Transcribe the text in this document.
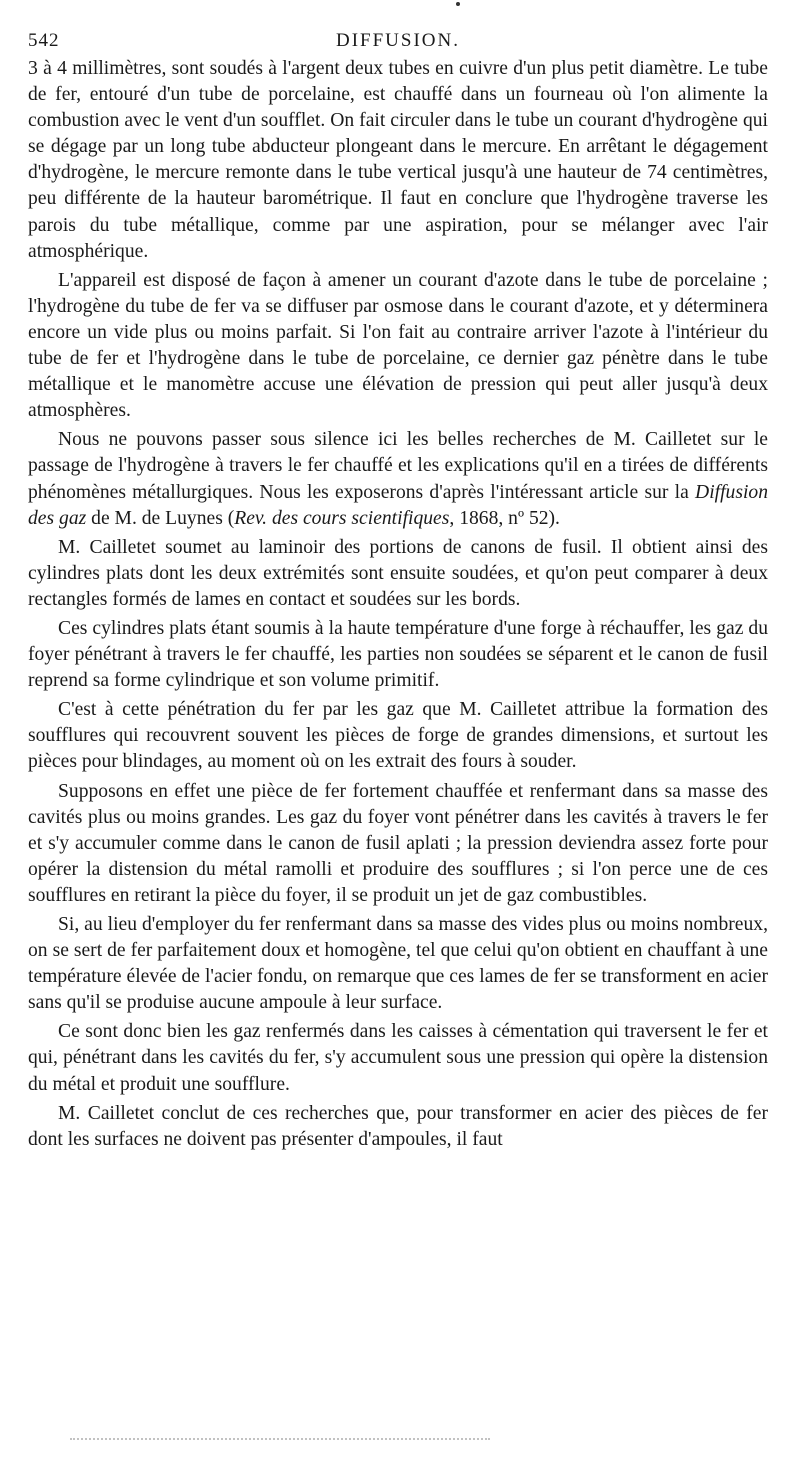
542	DIFFUSION.

3 à 4 millimètres, sont soudés à l'argent deux tubes en cuivre d'un plus petit diamètre. Le tube de fer, entouré d'un tube de porcelaine, est chauffé dans un fourneau où l'on alimente la combustion avec le vent d'un soufflet. On fait circuler dans le tube un courant d'hydrogène qui se dégage par un long tube abducteur plongeant dans le mercure. En arrêtant le dégagement d'hydrogène, le mercure remonte dans le tube vertical jusqu'à une hauteur de 74 centimètres, peu différente de la hauteur barométrique. Il faut en conclure que l'hydrogène traverse les parois du tube métallique, comme par une aspiration, pour se mélanger avec l'air atmosphérique.

L'appareil est disposé de façon à amener un courant d'azote dans le tube de porcelaine ; l'hydrogène du tube de fer va se diffuser par osmose dans le courant d'azote, et y déterminera encore un vide plus ou moins parfait. Si l'on fait au contraire arriver l'azote à l'intérieur du tube de fer et l'hydrogène dans le tube de porcelaine, ce dernier gaz pénètre dans le tube métallique et le manomètre accuse une élévation de pression qui peut aller jusqu'à deux atmosphères.

Nous ne pouvons passer sous silence ici les belles recherches de M. Cailletet sur le passage de l'hydrogène à travers le fer chauffé et les explications qu'il en a tirées de différents phénomènes métallurgiques. Nous les exposerons d'après l'intéressant article sur la Diffusion des gaz de M. de Luynes (Rev. des cours scientifiques, 1868, nº 52).

M. Cailletet soumet au laminoir des portions de canons de fusil. Il obtient ainsi des cylindres plats dont les deux extrémités sont ensuite soudées, et qu'on peut comparer à deux rectangles formés de lames en contact et soudées sur les bords.

Ces cylindres plats étant soumis à la haute température d'une forge à réchauffer, les gaz du foyer pénétrant à travers le fer chauffé, les parties non soudées se séparent et le canon de fusil reprend sa forme cylindrique et son volume primitif.

C'est à cette pénétration du fer par les gaz que M. Cailletet attribue la formation des soufflures qui recouvrent souvent les pièces de forge de grandes dimensions, et surtout les pièces pour blindages, au moment où on les extrait des fours à souder.

Supposons en effet une pièce de fer fortement chauffée et renfermant dans sa masse des cavités plus ou moins grandes. Les gaz du foyer vont pénétrer dans les cavités à travers le fer et s'y accumuler comme dans le canon de fusil aplati ; la pression deviendra assez forte pour opérer la distension du métal ramolli et produire des soufflures ; si l'on perce une de ces soufflures en retirant la pièce du foyer, il se produit un jet de gaz combustibles.

Si, au lieu d'employer du fer renfermant dans sa masse des vides plus ou moins nombreux, on se sert de fer parfaitement doux et homogène, tel que celui qu'on obtient en chauffant à une température élevée de l'acier fondu, on remarque que ces lames de fer se transforment en acier sans qu'il se produise aucune ampoule à leur surface.

Ce sont donc bien les gaz renfermés dans les caisses à cémentation qui traversent le fer et qui, pénétrant dans les cavités du fer, s'y accumulent sous une pression qui opère la distension du métal et produit une soufflure.

M. Cailletet conclut de ces recherches que, pour transformer en acier des pièces de fer dont les surfaces ne doivent pas présenter d'ampoules, il faut
